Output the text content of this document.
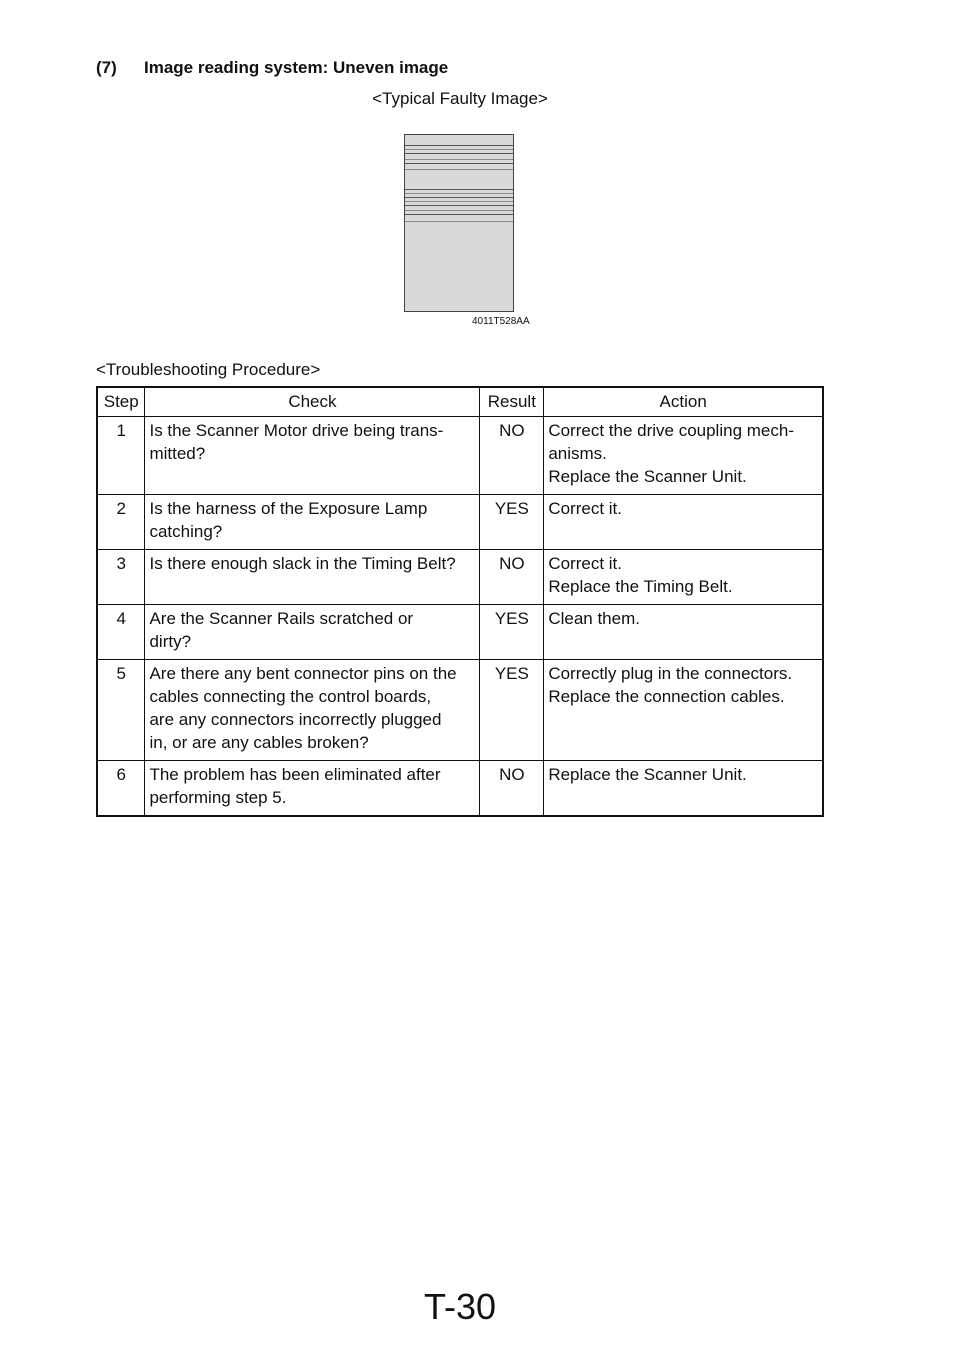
(7) Image reading system: Uneven image
<Typical Faulty Image>
4011T528AA
<Troubleshooting Procedure>
Step	Check	Result	Action
1	Is the Scanner Motor drive being trans-
mitted?	NO	Correct the drive coupling mech-
anisms.
Replace the Scanner Unit.
2	Is the harness of the Exposure Lamp
catching?	YES	Correct it.
3	Is there enough slack in the Timing Belt?	NO	Correct it.
Replace the Timing Belt.
4	Are the Scanner Rails scratched or
dirty?	YES	Clean them.
5	Are there any bent connector pins on the
cables connecting the control boards,
are any connectors incorrectly plugged
in, or are any cables broken?	YES	Correctly plug in the connectors.
Replace the connection cables.
6	The problem has been eliminated after
performing step 5.	NO	Replace the Scanner Unit.
T-30
